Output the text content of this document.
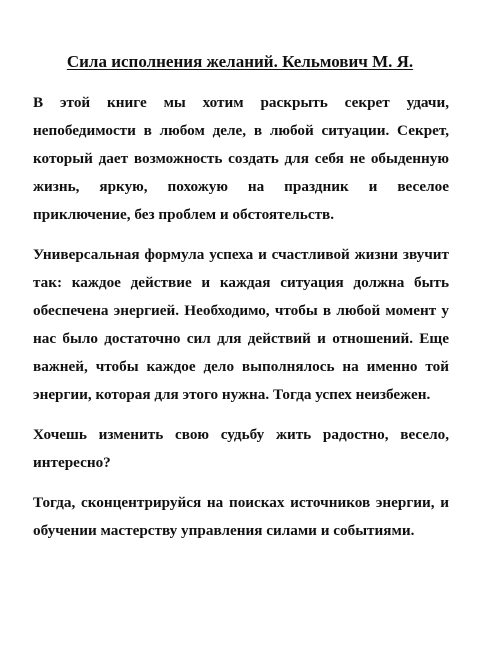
Сила исполнения желаний. Кельмович М. Я.

В этой книге мы хотим раскрыть секрет удачи, непобедимости в любом деле, в любой ситуации. Секрет, который дает возможность создать для себя не обыденную жизнь, яркую, похожую на праздник и веселое приключение, без проблем и обстоятельств.

Универсальная формула успеха и счастливой жизни звучит так: каждое действие и каждая ситуация должна быть обеспечена энергией. Необходимо, чтобы в любой момент у нас было достаточно сил для действий и отношений. Еще важней, чтобы каждое дело выполнялось на именно той энергии, которая для этого нужна. Тогда успех неизбежен.

Хочешь изменить свою судьбу жить радостно, весело, интересно?

Тогда, сконцентрируйся на поисках источников энергии, и обучении мастерству управления силами и событиями.
